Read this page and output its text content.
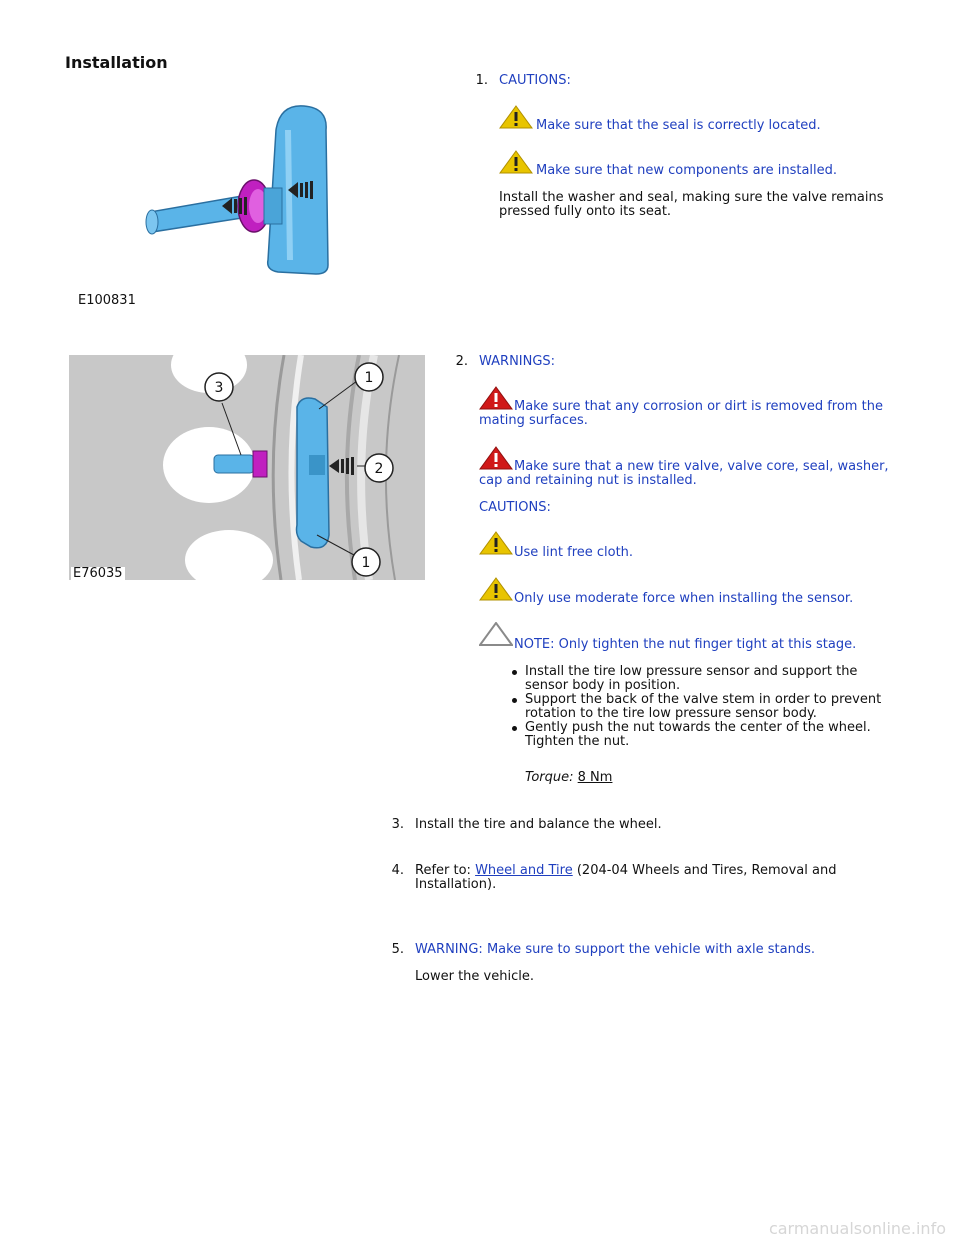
Installation
E100831
1. CAUTIONS:
Make sure that the seal is correctly located.
Make sure that new components are installed.
Install the washer and seal, making sure the valve remains
pressed fully onto its seat.
3
1
2
1
E76035
2. WARNINGS:
Make sure that any corrosion or dirt is removed from the
mating surfaces.
Make sure that a new tire valve, valve core, seal, washer,
cap and retaining nut is installed.
CAUTIONS:
Use lint free cloth.
Only use moderate force when installing the sensor.
NOTE: Only tighten the nut finger tight at this stage.
Install the tire low pressure sensor and support the
sensor body in position.
Support the back of the valve stem in order to prevent
rotation to the tire low pressure sensor body.
Gently push the nut towards the center of the wheel.
Tighten the nut.
Torque: 8 Nm
3. Install the tire and balance the wheel.
4. Refer to: Wheel and Tire (204-04 Wheels and Tires, Removal and
Installation).
5. WARNING: Make sure to support the vehicle with axle stands.
Lower the vehicle.
carmanualsonline.info
